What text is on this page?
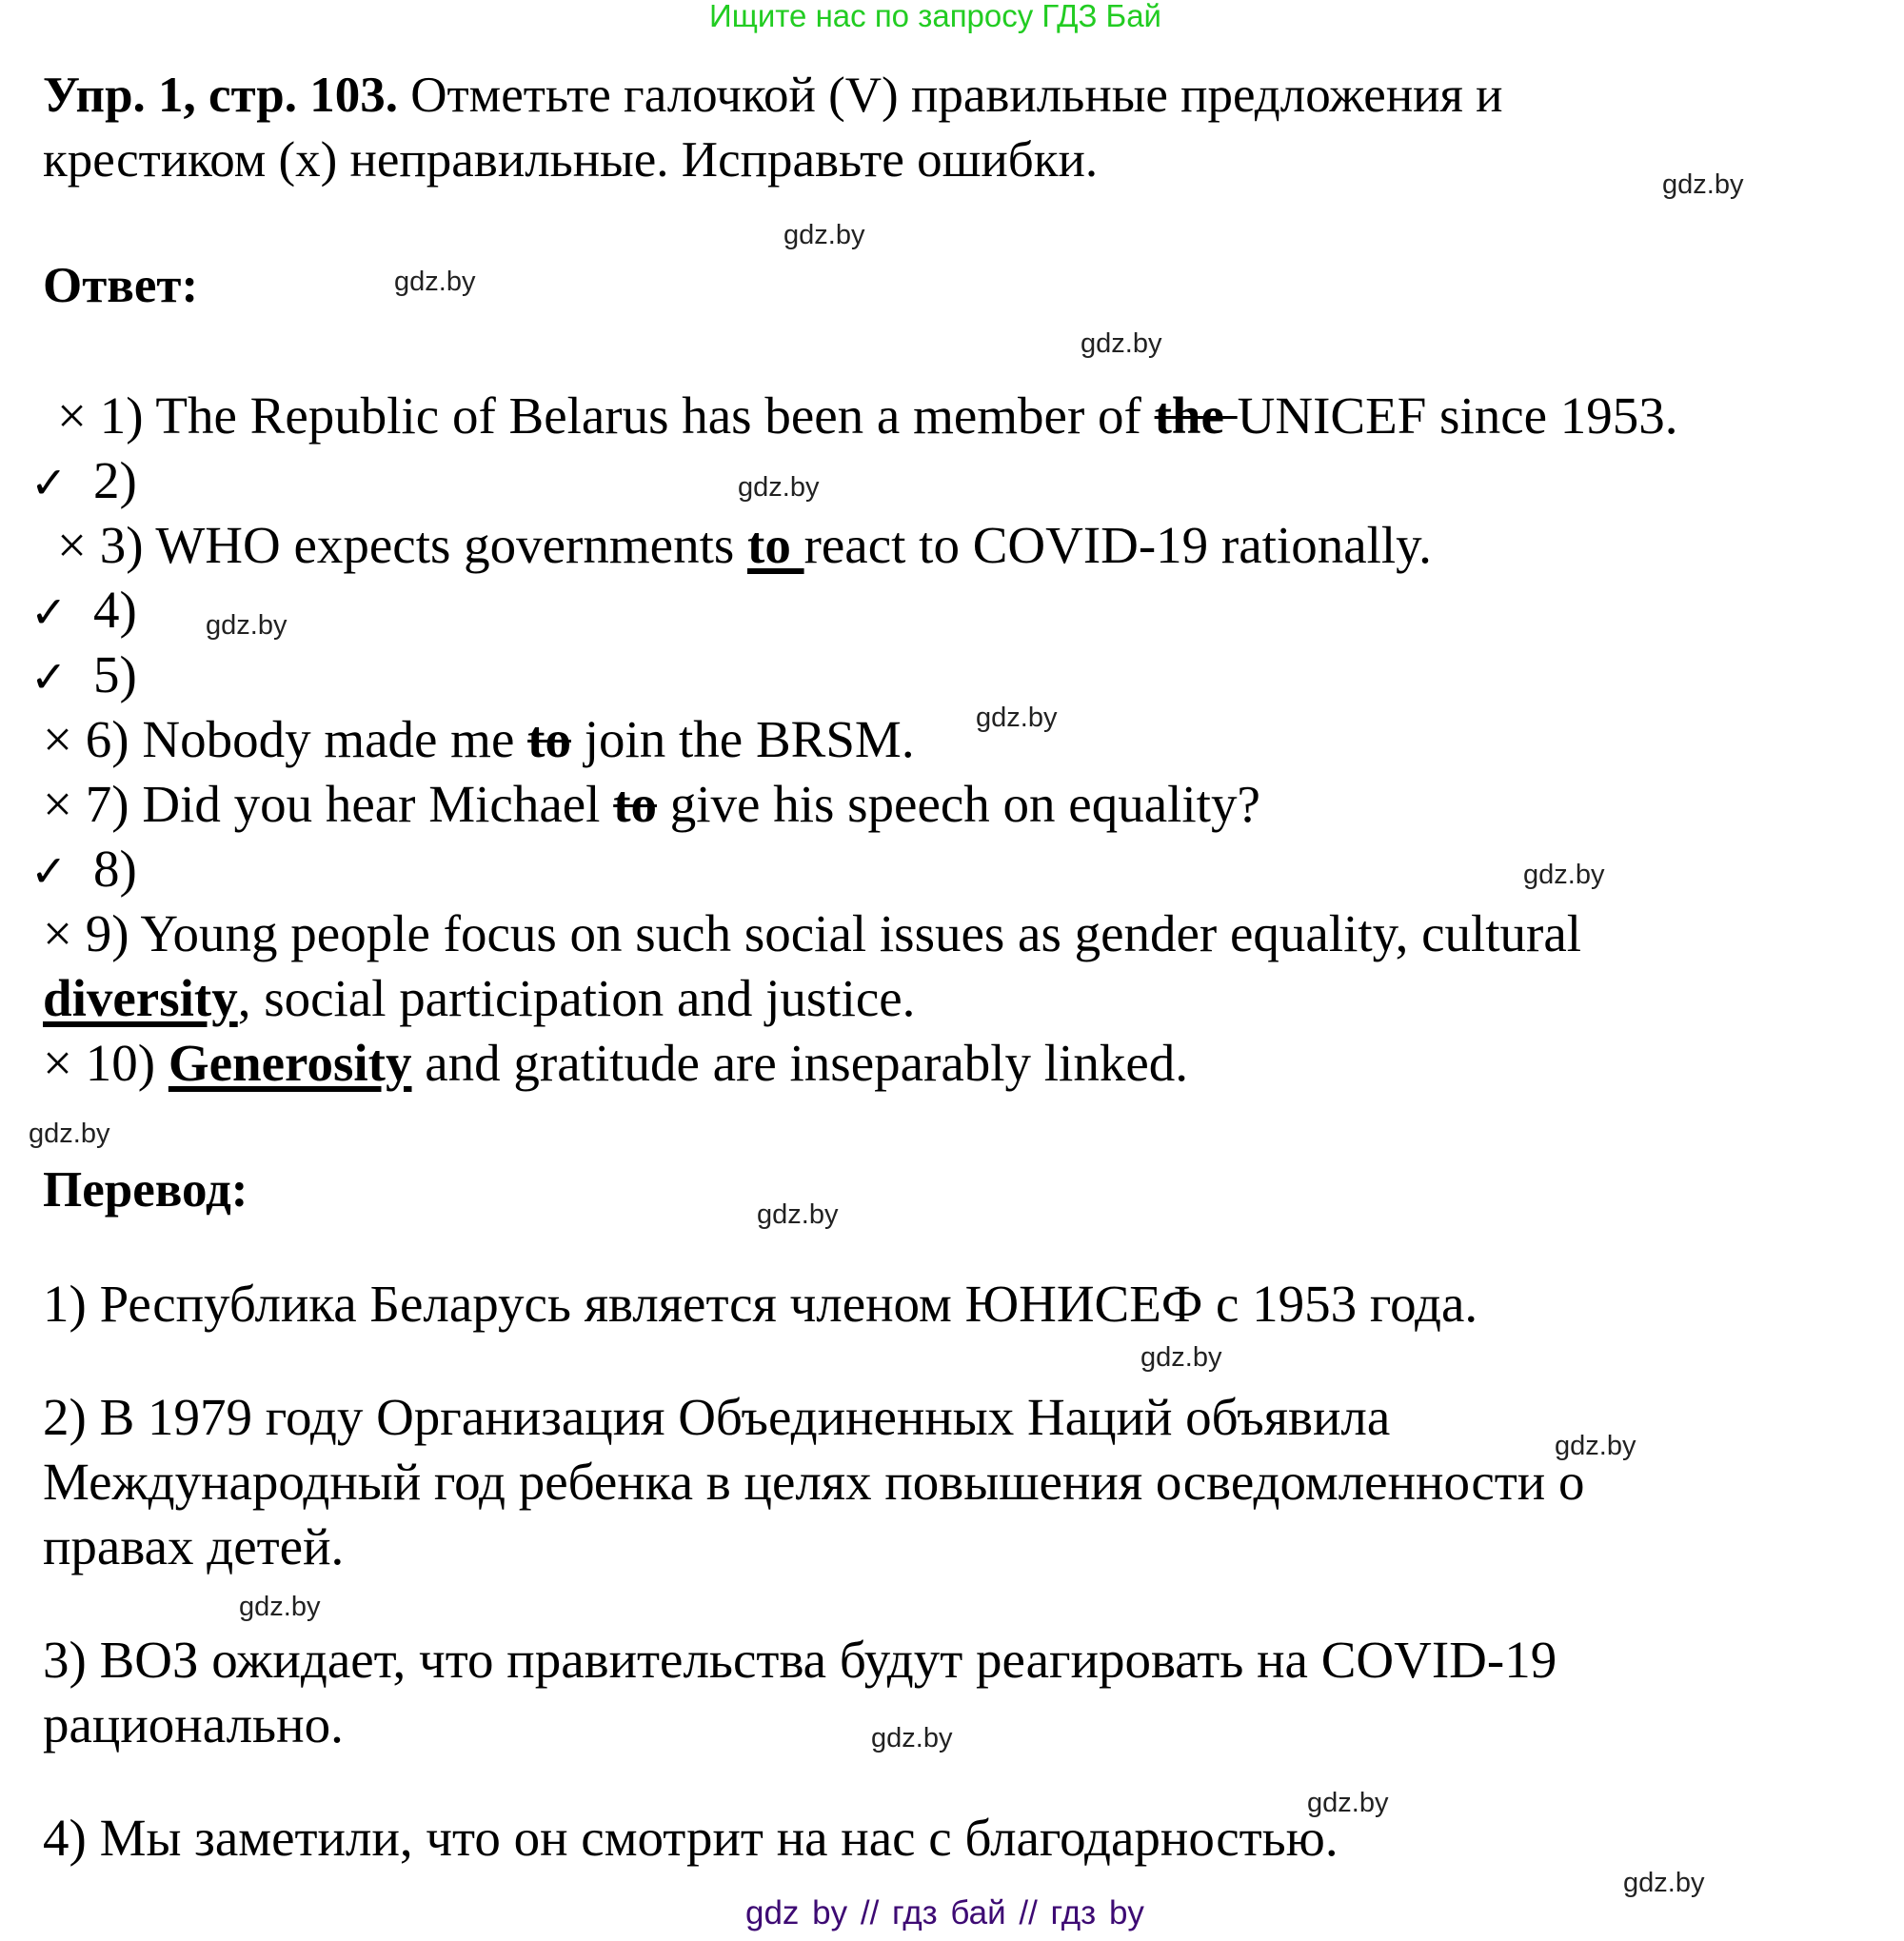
Ищите нас по запросу ГДЗ Бай
Упр. 1, стр. 103. Отметьте галочкой (V) правильные предложения и
крестиком (x) неправильные. Исправьте ошибки.
Ответ:
× 1) The Republic of Belarus has been a member of the UNICEF since 1953.
✓ 2)
× 3) WHO expects governments to react to COVID-19 rationally.
✓ 4)
✓ 5)
× 6) Nobody made me to join the BRSM.
× 7) Did you hear Michael to give his speech on equality?
✓ 8)
× 9) Young people focus on such social issues as gender equality, cultural
diversity, social participation and justice.
× 10) Generosity and gratitude are inseparably linked.
Перевод:
1) Республика Беларусь является членом ЮНИСЕФ с 1953 года.
2) В 1979 году Организация Объединенных Наций объявила
Международный год ребенка в целях повышения осведомленности о
правах детей.
3) ВОЗ ожидает, что правительства будут реагировать на COVID-19
рационально.
4) Мы заметили, что он смотрит на нас с благодарностью.
gdz.by
gdz.by
gdz.by
gdz.by
gdz.by
gdz.by
gdz.by
gdz.by
gdz.by
gdz.by
gdz.by
gdz.by
gdz.by
gdz.by
gdz.by
gdz.by
gdz by // гдз бай // гдз by
